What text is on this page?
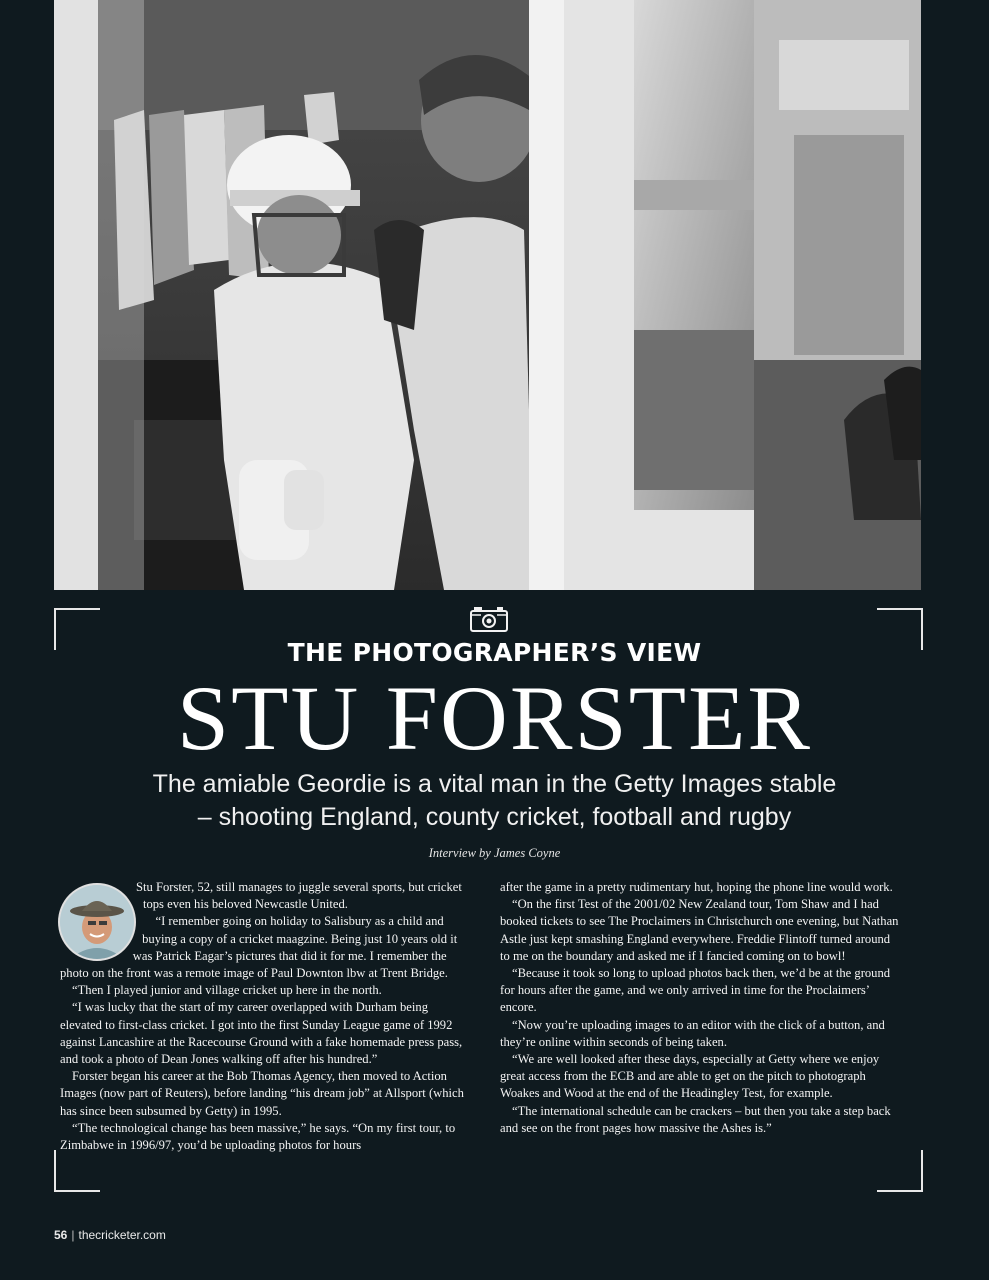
THE PHOTOGRAPHER’S VIEW
STU FORSTER
The amiable Geordie is a vital man in the Getty Images stable
– shooting England, county cricket, football and rugby
Interview by James Coyne

Stu Forster, 52, still manages to juggle several sports, but cricket tops even his beloved Newcastle United.

“I remember going on holiday to Salisbury as a child and buying a copy of a cricket maagzine. Being just 10 years old it was Patrick Eagar’s pictures that did it for me. I remember the photo on the front was a remote image of Paul Downton lbw at Trent Bridge.

“Then I played junior and village cricket up here in the north.

“I was lucky that the start of my career overlapped with Durham being elevated to first-class cricket. I got into the first Sunday League game of 1992 against Lancashire at the Racecourse Ground with a fake homemade press pass, and took a photo of Dean Jones walking off after his hundred.”

Forster began his career at the Bob Thomas Agency, then moved to Action Images (now part of Reuters), before landing “his dream job” at Allsport (which has since been subsumed by Getty) in 1995.

“The technological change has been massive,” he says. “On my first tour, to Zimbabwe in 1996/97, you’d be uploading photos for hours

after the game in a pretty rudimentary hut, hoping the phone line would work.

“On the first Test of the 2001/02 New Zealand tour, Tom Shaw and I had booked tickets to see The Proclaimers in Christchurch one evening, but Nathan Astle just kept smashing England everywhere. Freddie Flintoff turned around to me on the boundary and asked me if I fancied coming on to bowl!

“Because it took so long to upload photos back then, we’d be at the ground for hours after the game, and we only arrived in time for the Proclaimers’ encore.

“Now you’re uploading images to an editor with the click of a button, and they’re online within seconds of being taken.

“We are well looked after these days, especially at Getty where we enjoy great access from the ECB and are able to get on the pitch to photograph Woakes and Wood at the end of the Headingley Test, for example.

“The international schedule can be crackers – but then you take a step back and see on the front pages how massive the Ashes is.”

56 | thecricketer.com
